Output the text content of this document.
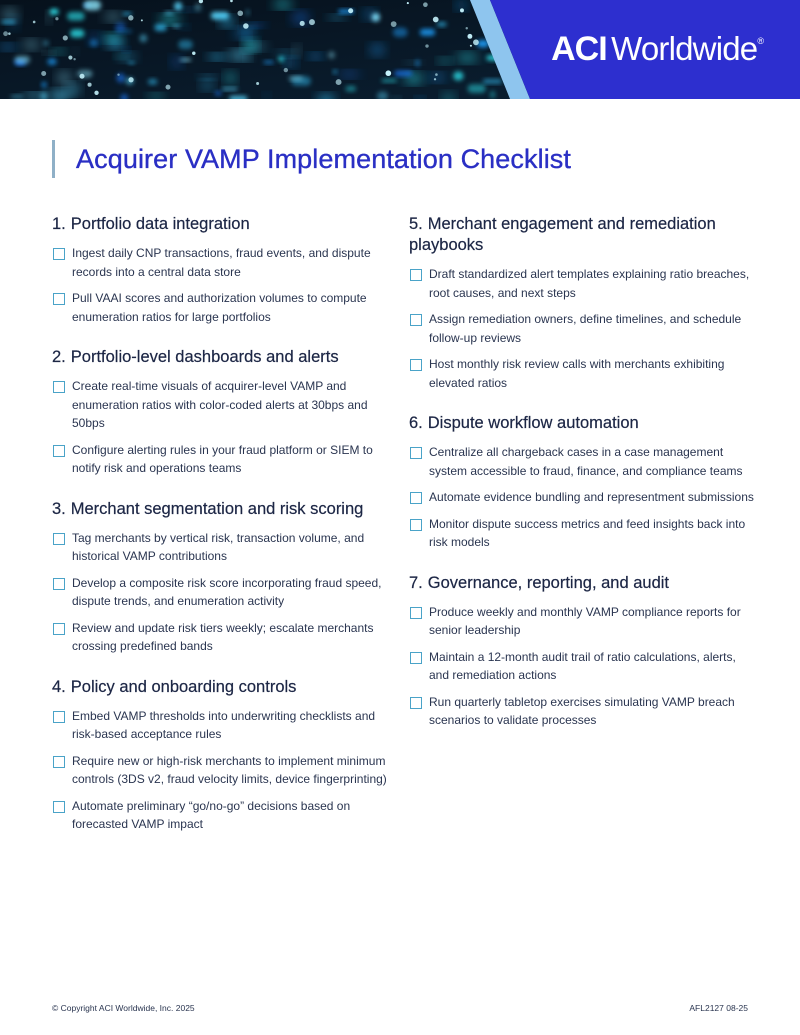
ACI Worldwide®
Acquirer VAMP Implementation Checklist
1. Portfolio data integration
Ingest daily CNP transactions, fraud events, and dispute records into a central data store
Pull VAAI scores and authorization volumes to compute enumeration ratios for large portfolios
2. Portfolio-level dashboards and alerts
Create real-time visuals of acquirer-level VAMP and enumeration ratios with color-coded alerts at 30bps and 50bps
Configure alerting rules in your fraud platform or SIEM to notify risk and operations teams
3. Merchant segmentation and risk scoring
Tag merchants by vertical risk, transaction volume, and historical VAMP contributions
Develop a composite risk score incorporating fraud speed, dispute trends, and enumeration activity
Review and update risk tiers weekly; escalate merchants crossing predefined bands
4. Policy and onboarding controls
Embed VAMP thresholds into underwriting checklists and risk-based acceptance rules
Require new or high-risk merchants to implement minimum controls (3DS v2, fraud velocity limits, device fingerprinting)
Automate preliminary “go/no-go” decisions based on forecasted VAMP impact
5. Merchant engagement and remediation playbooks
Draft standardized alert templates explaining ratio breaches, root causes, and next steps
Assign remediation owners, define timelines, and schedule follow-up reviews
Host monthly risk review calls with merchants exhibiting elevated ratios
6. Dispute workflow automation
Centralize all chargeback cases in a case management system accessible to fraud, finance, and compliance teams
Automate evidence bundling and representment submissions
Monitor dispute success metrics and feed insights back into risk models
7. Governance, reporting, and audit
Produce weekly and monthly VAMP compliance reports for senior leadership
Maintain a 12-month audit trail of ratio calculations, alerts, and remediation actions
Run quarterly tabletop exercises simulating VAMP breach scenarios to validate processes
© Copyright ACI Worldwide, Inc. 2025	AFL2127 08-25
